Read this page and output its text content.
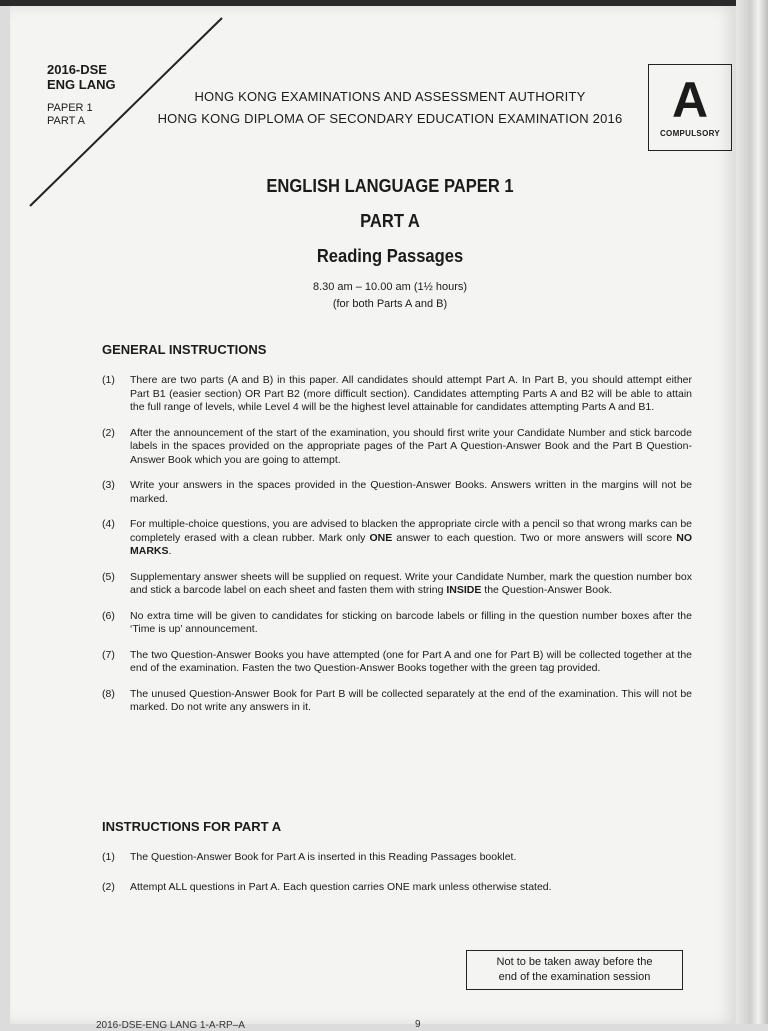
2016-DSE
ENG LANG
PAPER 1
PART A
HONG KONG EXAMINATIONS AND ASSESSMENT AUTHORITY
HONG KONG DIPLOMA OF SECONDARY EDUCATION EXAMINATION 2016 A
COMPULSORY
ENGLISH LANGUAGE PAPER 1
PART A
Reading Passages
8.30 am – 10.00 am (1½ hours)
(for both Parts A and B)
GENERAL INSTRUCTIONS
(1)	There are two parts (A and B) in this paper. All candidates should attempt Part A. In Part B, you should attempt either Part B1 (easier section) OR Part B2 (more difficult section). Candidates attempting Parts A and B2 will be able to attain the full range of levels, while Level 4 will be the highest level attainable for candidates attempting Parts A and B1.
(2)	After the announcement of the start of the examination, you should first write your Candidate Number and stick barcode labels in the spaces provided on the appropriate pages of the Part A Question-Answer Book and the Part B Question-Answer Book which you are going to attempt.
(3)	Write your answers in the spaces provided in the Question-Answer Books. Answers written in the margins will not be marked.
(4)	For multiple-choice questions, you are advised to blacken the appropriate circle with a pencil so that wrong marks can be completely erased with a clean rubber. Mark only ONE answer to each question. Two or more answers will score NO MARKS.
(5)	Supplementary answer sheets will be supplied on request. Write your Candidate Number, mark the question number box and stick a barcode label on each sheet and fasten them with string INSIDE the Question-Answer Book.
(6)	No extra time will be given to candidates for sticking on barcode labels or filling in the question number boxes after the ‘Time is up’ announcement.
(7)	The two Question-Answer Books you have attempted (one for Part A and one for Part B) will be collected together at the end of the examination. Fasten the two Question-Answer Books together with the green tag provided.
(8)	The unused Question-Answer Book for Part B will be collected separately at the end of the examination. This will not be marked. Do not write any answers in it.
INSTRUCTIONS FOR PART A
(1)	The Question-Answer Book for Part A is inserted in this Reading Passages booklet.
(2)	Attempt ALL questions in Part A. Each question carries ONE mark unless otherwise stated.
Not to be taken away before the
end of the examination session
2016-DSE-ENG LANG 1-A-RP–A	9
